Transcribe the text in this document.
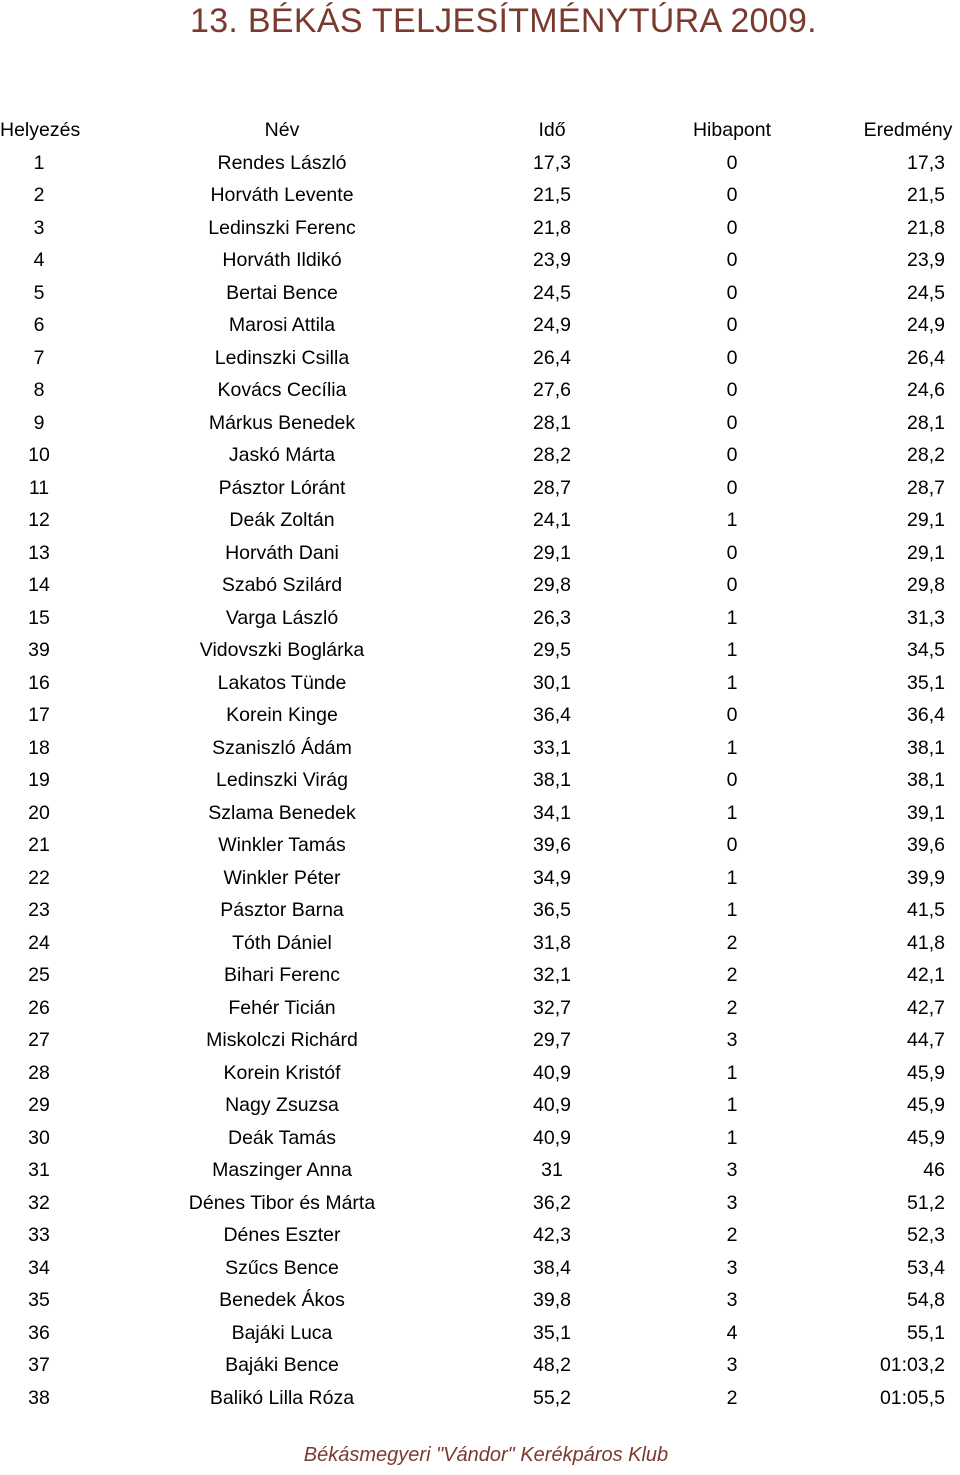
13. BÉKÁS TELJESÍTMÉNYTÚRA 2009.
Helyezés	Név	Idő	Hibapont	Eredmény
1	Rendes László	17,3	0	17,3
2	Horváth Levente	21,5	0	21,5
3	Ledinszki Ferenc	21,8	0	21,8
4	Horváth Ildikó	23,9	0	23,9
5	Bertai Bence	24,5	0	24,5
6	Marosi Attila	24,9	0	24,9
7	Ledinszki Csilla	26,4	0	26,4
8	Kovács Cecília	27,6	0	24,6
9	Márkus Benedek	28,1	0	28,1
10	Jaskó Márta	28,2	0	28,2
11	Pásztor Lóránt	28,7	0	28,7
12	Deák Zoltán	24,1	1	29,1
13	Horváth Dani	29,1	0	29,1
14	Szabó Szilárd	29,8	0	29,8
15	Varga László	26,3	1	31,3
39	Vidovszki Boglárka	29,5	1	34,5
16	Lakatos Tünde	30,1	1	35,1
17	Korein Kinge	36,4	0	36,4
18	Szaniszló Ádám	33,1	1	38,1
19	Ledinszki Virág	38,1	0	38,1
20	Szlama Benedek	34,1	1	39,1
21	Winkler Tamás	39,6	0	39,6
22	Winkler Péter	34,9	1	39,9
23	Pásztor Barna	36,5	1	41,5
24	Tóth Dániel	31,8	2	41,8
25	Bihari Ferenc	32,1	2	42,1
26	Fehér Ticián	32,7	2	42,7
27	Miskolczi Richárd	29,7	3	44,7
28	Korein Kristóf	40,9	1	45,9
29	Nagy Zsuzsa	40,9	1	45,9
30	Deák Tamás	40,9	1	45,9
31	Maszinger Anna	31	3	46
32	Dénes Tibor és Márta	36,2	3	51,2
33	Dénes Eszter	42,3	2	52,3
34	Szűcs Bence	38,4	3	53,4
35	Benedek Ákos	39,8	3	54,8
36	Bajáki Luca	35,1	4	55,1
37	Bajáki Bence	48,2	3	01:03,2
38	Balikó Lilla Róza	55,2	2	01:05,5
Békásmegyeri "Vándor" Kerékpáros Klub
